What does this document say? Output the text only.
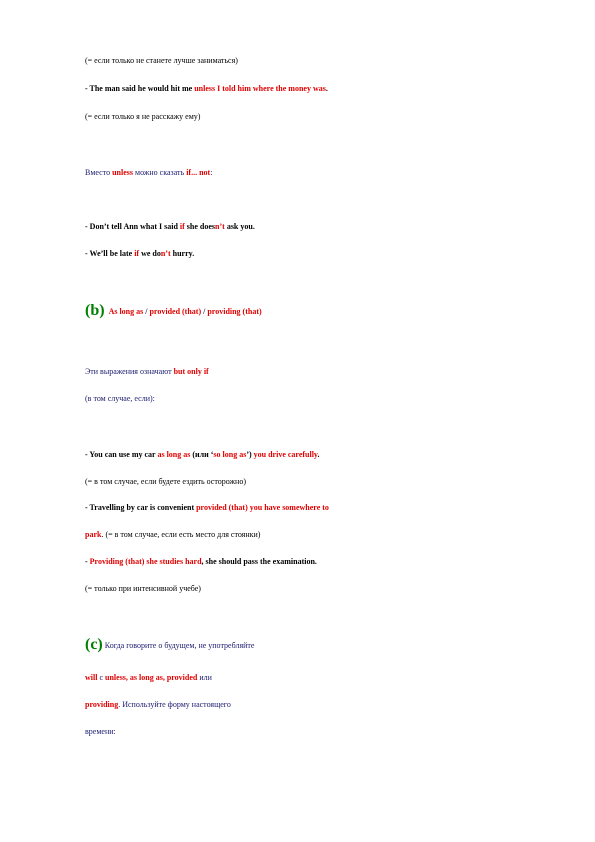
(= если только не станете лучше заниматься)
- The man said he would hit me unless I told him where the money was.
(= если только я не расскажу ему)
Вместо unless можно сказать if... not:
- Don’t tell Ann what I said if she doesn’t ask you.
- We’ll be late if we don’t hurry.
(b) As long as / provided (that) / providing (that)
Эти выражения означают but only if
(в том случае, если):
- You can use my car as long as (или ‘so long as’) you drive carefully.
(= в том случае, если будете ездить осторожно)
- Travelling by car is convenient provided (that) you have somewhere to
park. (= в том случае, если есть место для стоянки)
- Providing (that) she studies hard, she should pass the examination.
(= только при интенсивной учебе)
(c) Когда говорите о будущем, не употребляйте
will с unless, as long as, provided или
providing. Используйте форму настоящего
времени:
